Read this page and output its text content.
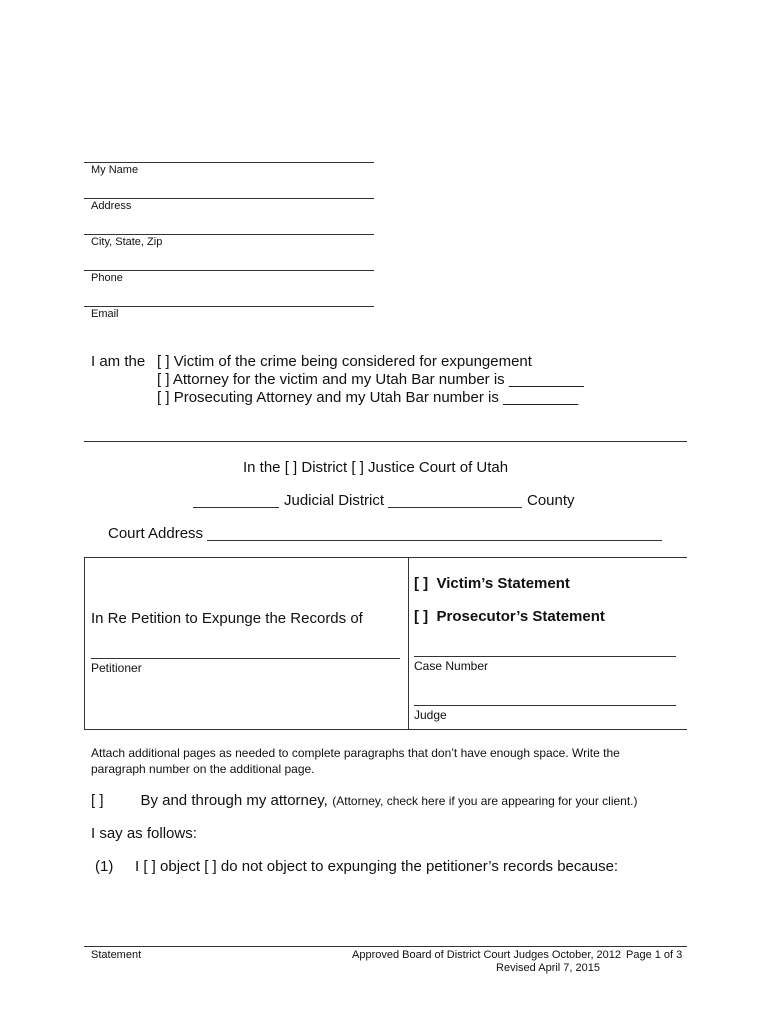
My Name
Address
City, State, Zip
Phone
Email
I am the [ ] Victim of the crime being considered for expungement
[ ] Attorney for the victim and my Utah Bar number is _________
[ ] Prosecuting Attorney and my Utah Bar number is _________
In the [ ] District [ ] Justice Court of Utah
Judicial District	County
Court Address
In Re Petition to Expunge the Records of
Petitioner
[ ] Victim’s Statement
[ ] Prosecutor’s Statement
Case Number
Judge
Attach additional pages as needed to complete paragraphs that don’t have enough space. Write the paragraph number on the additional page.
[ ] By and through my attorney, (Attorney, check here if you are appearing for your client.)
I say as follows:
(1) I [ ] object [ ] do not object to expunging the petitioner’s records because:
Statement	Approved Board of District Court Judges October, 2012
Revised April 7, 2015
Page 1 of 3
